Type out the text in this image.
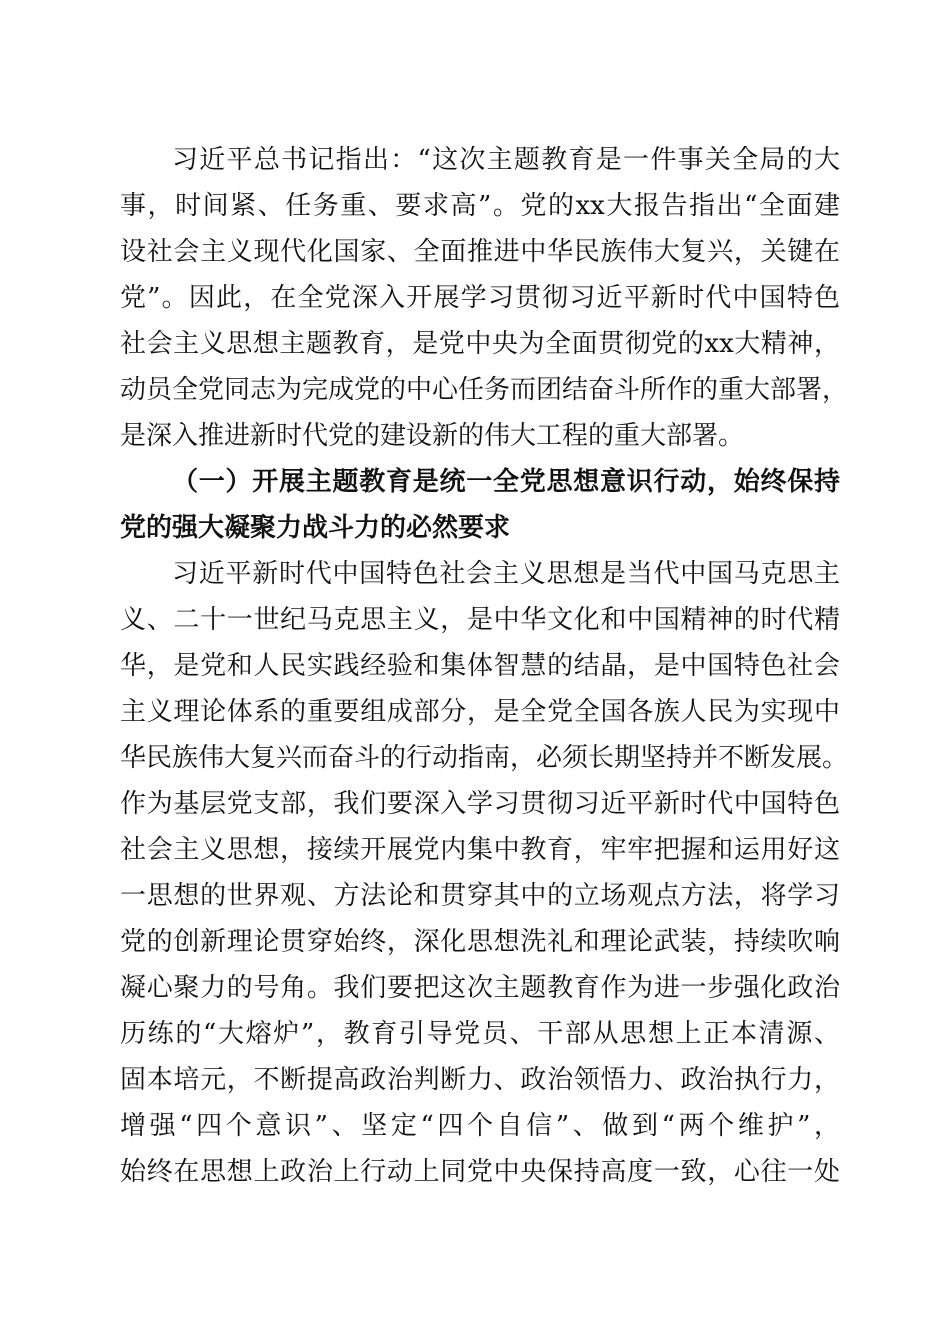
习近平总书记指出：“这次主题教育是一件事关全局的大
事，时间紧、任务重、要求高”。党的xx大报告指出“全面建
设社会主义现代化国家、全面推进中华民族伟大复兴，关键在
党”。因此，在全党深入开展学习贯彻习近平新时代中国特色
社会主义思想主题教育，是党中央为全面贯彻党的xx大精神，
动员全党同志为完成党的中心任务而团结奋斗所作的重大部署，
是深入推进新时代党的建设新的伟大工程的重大部署。
（一）开展主题教育是统一全党思想意识行动，始终保持
党的强大凝聚力战斗力的必然要求
习近平新时代中国特色社会主义思想是当代中国马克思主
义、二十一世纪马克思主义，是中华文化和中国精神的时代精
华，是党和人民实践经验和集体智慧的结晶，是中国特色社会
主义理论体系的重要组成部分，是全党全国各族人民为实现中
华民族伟大复兴而奋斗的行动指南，必须长期坚持并不断发展。
作为基层党支部，我们要深入学习贯彻习近平新时代中国特色
社会主义思想，接续开展党内集中教育，牢牢把握和运用好这
一思想的世界观、方法论和贯穿其中的立场观点方法，将学习
党的创新理论贯穿始终，深化思想洗礼和理论武装，持续吹响
凝心聚力的号角。我们要把这次主题教育作为进一步强化政治
历练的“大熔炉”，教育引导党员、干部从思想上正本清源、
固本培元，不断提高政治判断力、政治领悟力、政治执行力，
增强“四个意识”、坚定“四个自信”、做到“两个维护”，
始终在思想上政治上行动上同党中央保持高度一致，心往一处
